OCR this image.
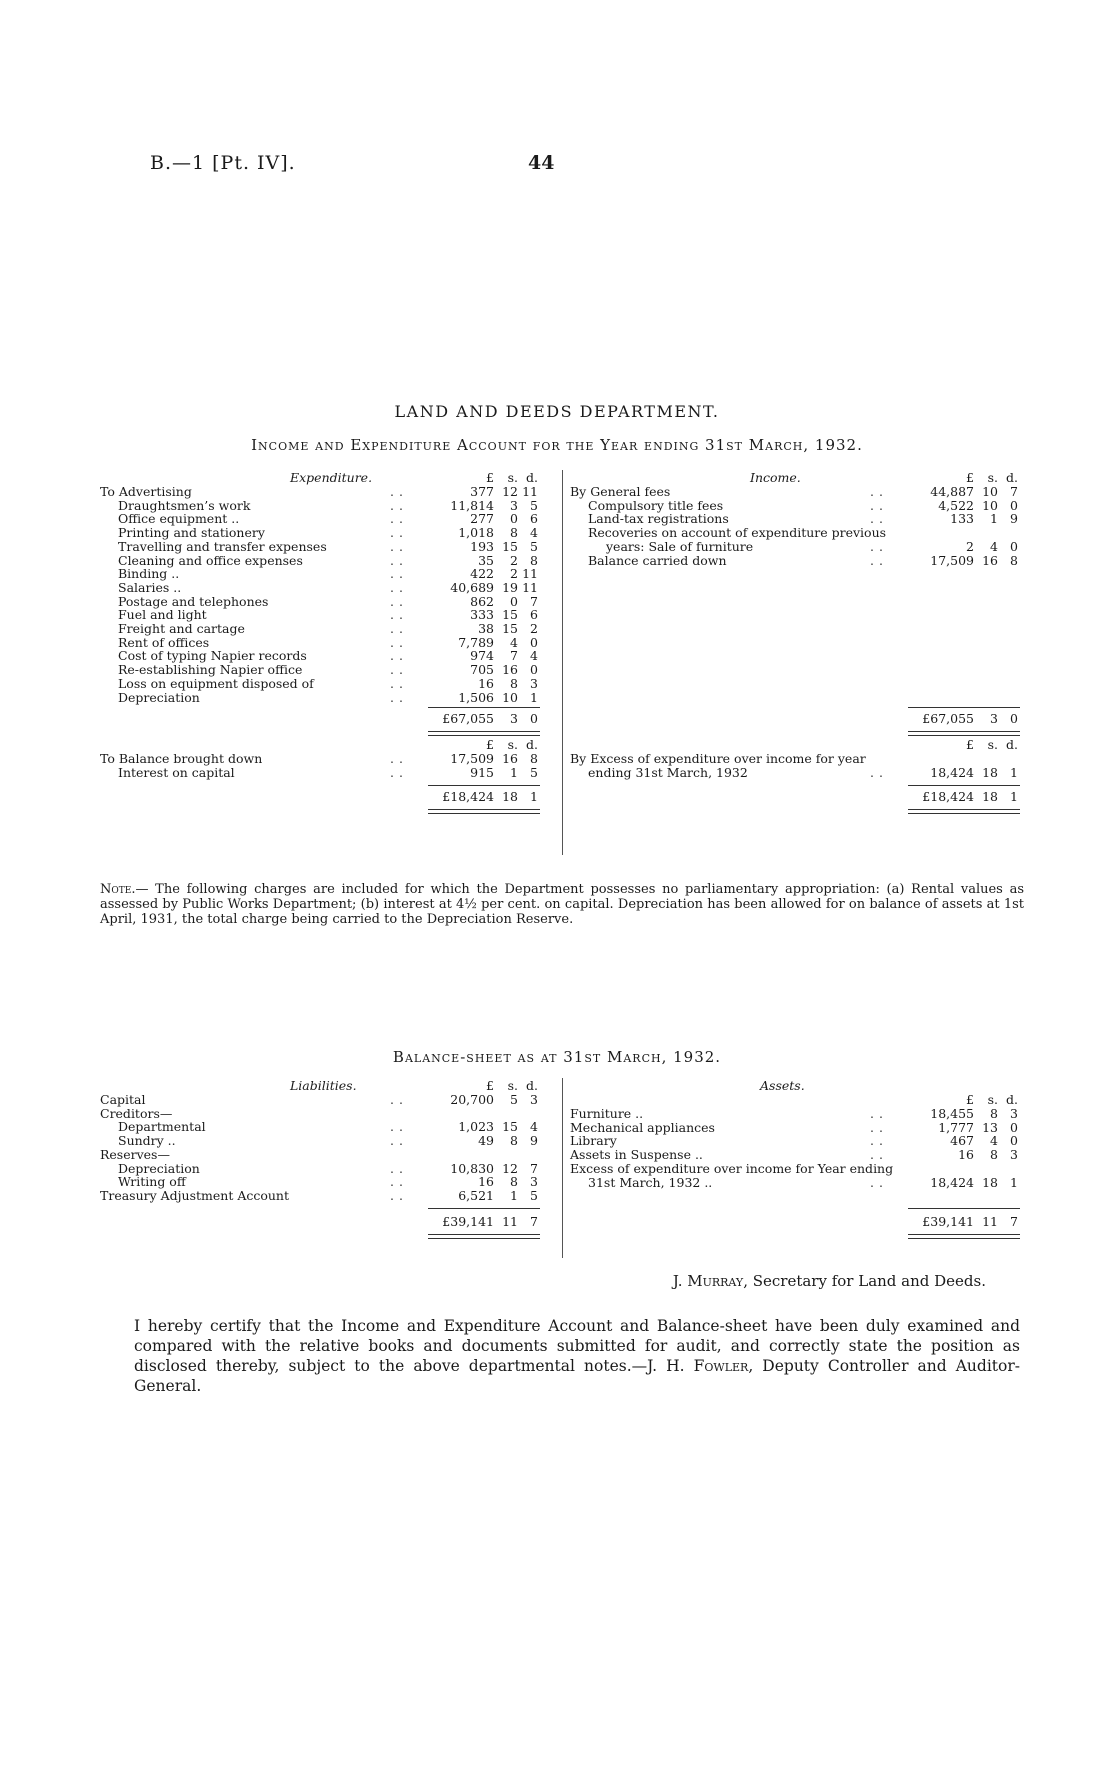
B.—1 [Pt. IV].	44
LAND AND DEEDS DEPARTMENT.
Income and Expenditure Account for the Year ending 31st March, 1932.
Expenditure.	£	s. d.
To Advertising	..	377 12 11
Draughtsmen’s work	..	11,814	3 5
Office equipment ..	..	277	0 6
Printing and stationery	..	1,018	8 4
Travelling and transfer expenses	..	193 15 5
Cleaning and office expenses	..	35	2 8
Binding ..	..	422	2 11
Salaries ..	..	40,689 19 11
Postage and telephones	..	862	0 7
Fuel and light	..	333 15 6
Freight and cartage	..	38 15 2
Rent of offices	..	7,789	4 0
Cost of typing Napier records	..	974	7 4
Re-establishing Napier office	..	705 16 0
Loss on equipment disposed of	..	16	8 3
Depreciation	..	1,506 10 1
£67,055	3 0
£	s. d.
To Balance brought down	..	17,509 16 8
Interest on capital	..	915	1 5
£18,424 18 1
Income.	£	s. d.
By General fees	..	44,887 10 7
Compulsory title fees	..	4,522 10 0
Land-tax registrations	..	133	1 9
Recoveries on account of expenditure previous
years: Sale of furniture	..	2	4 0
Balance carried down	..	17,509 16 8
£67,055	3 0
£	s. d.
By Excess of expenditure over income for year
ending 31st March, 1932	..	18,424 18 1
£18,424 18 1
Note.— The following charges are included for which the Department possesses no parliamentary appropriation: (a) Rental values as assessed by Public Works Department; (b) interest at 4½ per cent. on capital. Depreciation has been allowed for on balance of assets at 1st April, 1931, the total charge being carried to the Depreciation Reserve.
Balance-sheet as at 31st March, 1932.
Liabilities.	£	s. d.
Capital	..	20,700	5 3
Creditors—
Departmental	..	1,023 15 4
Sundry ..	..	49	8 9
Reserves—
Depreciation	..	10,830 12 7
Writing off	..	16	8 3
Treasury Adjustment Account	..	6,521	1 5
£39,141 11 7
Assets.
£	s. d.
Furniture ..	..	18,455	8 3
Mechanical appliances	..	1,777 13 0
Library	..	467	4 0
Assets in Suspense ..	..	16	8 3
Excess of expenditure over income for Year ending
31st March, 1932 ..	..	18,424 18 1
£39,141 11 7
J. Murray, Secretary for Land and Deeds.
I hereby certify that the Income and Expenditure Account and Balance-sheet have been duly examined and compared with the relative books and documents submitted for audit, and correctly state the position as disclosed thereby, subject to the above departmental notes.—J. H. Fowler, Deputy Controller and Auditor-General.
